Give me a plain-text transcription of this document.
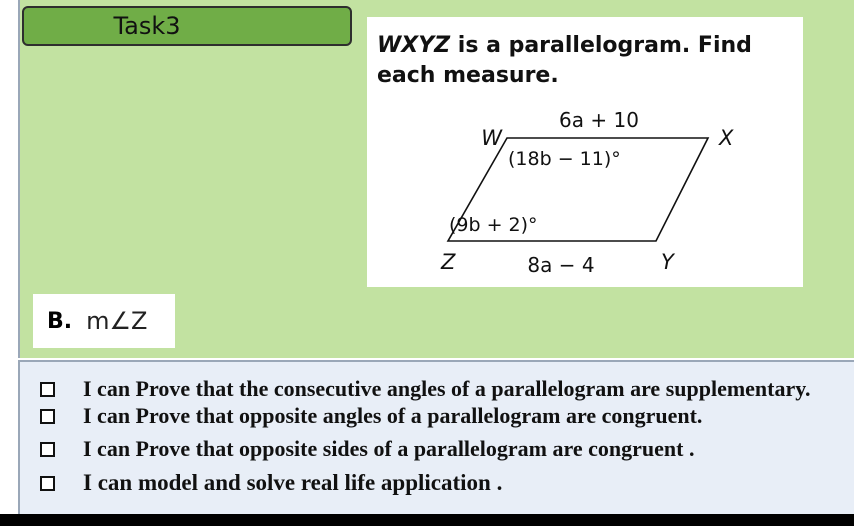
Task3
WXYZ is a parallelogram. Find each measure.
W	X
Y
Z
6a + 10
8a − 4
(18b − 11)°
(9b + 2)°
B. m∠Z
I can Prove that the consecutive angles of a parallelogram are supplementary.
I can Prove that opposite angles of a parallelogram are congruent.
I can Prove that opposite sides of a parallelogram are congruent .
I can model and solve real life application .
